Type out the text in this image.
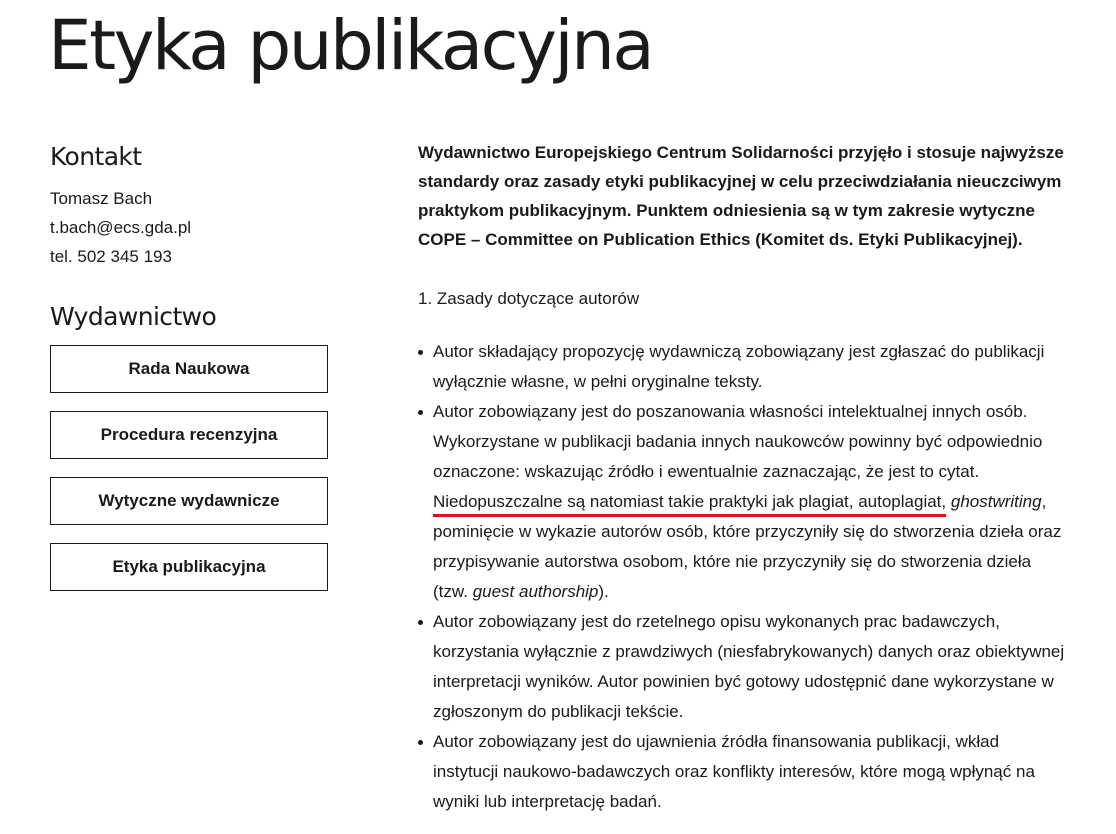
Etyka publikacyjna
Kontakt
Tomasz Bach
t.bach@ecs.gda.pl
tel. 502 345 193
Wydawnictwo
Rada Naukowa
Procedura recenzyjna
Wytyczne wydawnicze
Etyka publikacyjna

Wydawnictwo Europejskiego Centrum Solidarności przyjęło i stosuje najwyższe standardy oraz zasady etyki publikacyjnej w celu przeciwdziałania nieuczciwym praktykom publikacyjnym. Punktem odniesienia są w tym zakresie wytyczne COPE – Committee on Publication Ethics (Komitet ds. Etyki Publikacyjnej).

1. Zasady dotyczące autorów

Autor składający propozycję wydawniczą zobowiązany jest zgłaszać do publikacji wyłącznie własne, w pełni oryginalne teksty.
Autor zobowiązany jest do poszanowania własności intelektualnej innych osób. Wykorzystane w publikacji badania innych naukowców powinny być odpowiednio oznaczone: wskazując źródło i ewentualnie zaznaczając, że jest to cytat. Niedopuszczalne są natomiast takie praktyki jak plagiat, autoplagiat, ghostwriting, pominięcie w wykazie autorów osób, które przyczyniły się do stworzenia dzieła oraz przypisywanie autorstwa osobom, które nie przyczyniły się do stworzenia dzieła (tzw. guest authorship).
Autor zobowiązany jest do rzetelnego opisu wykonanych prac badawczych, korzystania wyłącznie z prawdziwych (niesfabrykowanych) danych oraz obiektywnej interpretacji wyników. Autor powinien być gotowy udostępnić dane wykorzystane w zgłoszonym do publikacji tekście.
Autor zobowiązany jest do ujawnienia źródła finansowania publikacji, wkład instytucji naukowo-badawczych oraz konflikty interesów, które mogą wpłynąć na wyniki lub interpretację badań.
